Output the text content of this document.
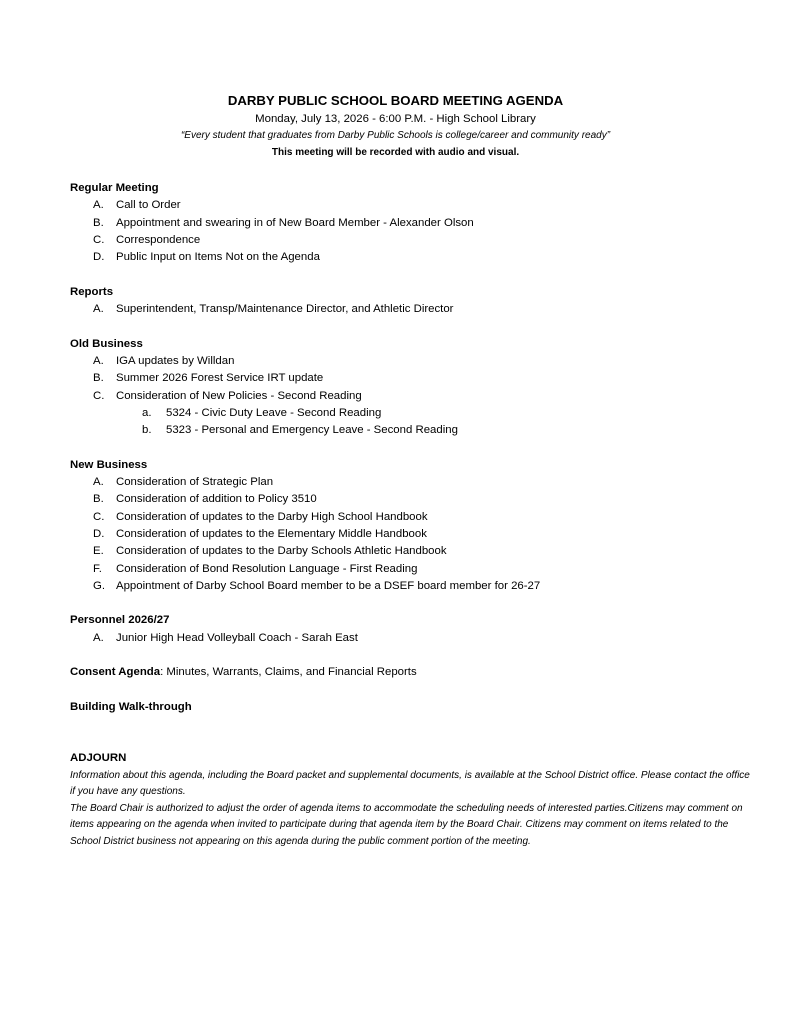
DARBY PUBLIC SCHOOL BOARD MEETING AGENDA
Monday, July 13, 2026 - 6:00 P.M. - High School Library
“Every student that graduates from Darby Public Schools is college/career and community ready”
This meeting will be recorded with audio and visual.
Regular Meeting
A.	Call to Order
B.	Appointment and swearing in of New Board Member - Alexander Olson
C.	Correspondence
D.	Public Input on Items Not on the Agenda
Reports
A.	Superintendent, Transp/Maintenance Director, and Athletic Director
Old Business
A.	IGA updates by Willdan
B.	Summer 2026 Forest Service IRT update
C.	Consideration of New Policies - Second Reading
a.	5324 - Civic Duty Leave - Second Reading
b.	5323 - Personal and Emergency Leave - Second Reading
New Business
A.	Consideration of Strategic Plan
B.	Consideration of addition to Policy 3510
C.	Consideration of updates to the Darby High School Handbook
D.	Consideration of updates to the Elementary Middle Handbook
E.	Consideration of updates to the Darby Schools Athletic Handbook
F.	Consideration of Bond Resolution Language - First Reading
G. Appointment of Darby School Board member to be a DSEF board member for 26-27
Personnel 2026/27
A.	Junior High Head Volleyball Coach - Sarah East
Consent Agenda: Minutes, Warrants, Claims, and Financial Reports
Building Walk-through
ADJOURN

Information about this agenda, including the Board packet and supplemental documents, is available at the School District office. Please contact the office if you have any questions.

The Board Chair is authorized to adjust the order of agenda items to accommodate the scheduling needs of interested parties.Citizens may comment on items appearing on the agenda when invited to participate during that agenda item by the Board Chair. Citizens may comment on items related to the School District business not appearing on this agenda during the public comment portion of the meeting.
